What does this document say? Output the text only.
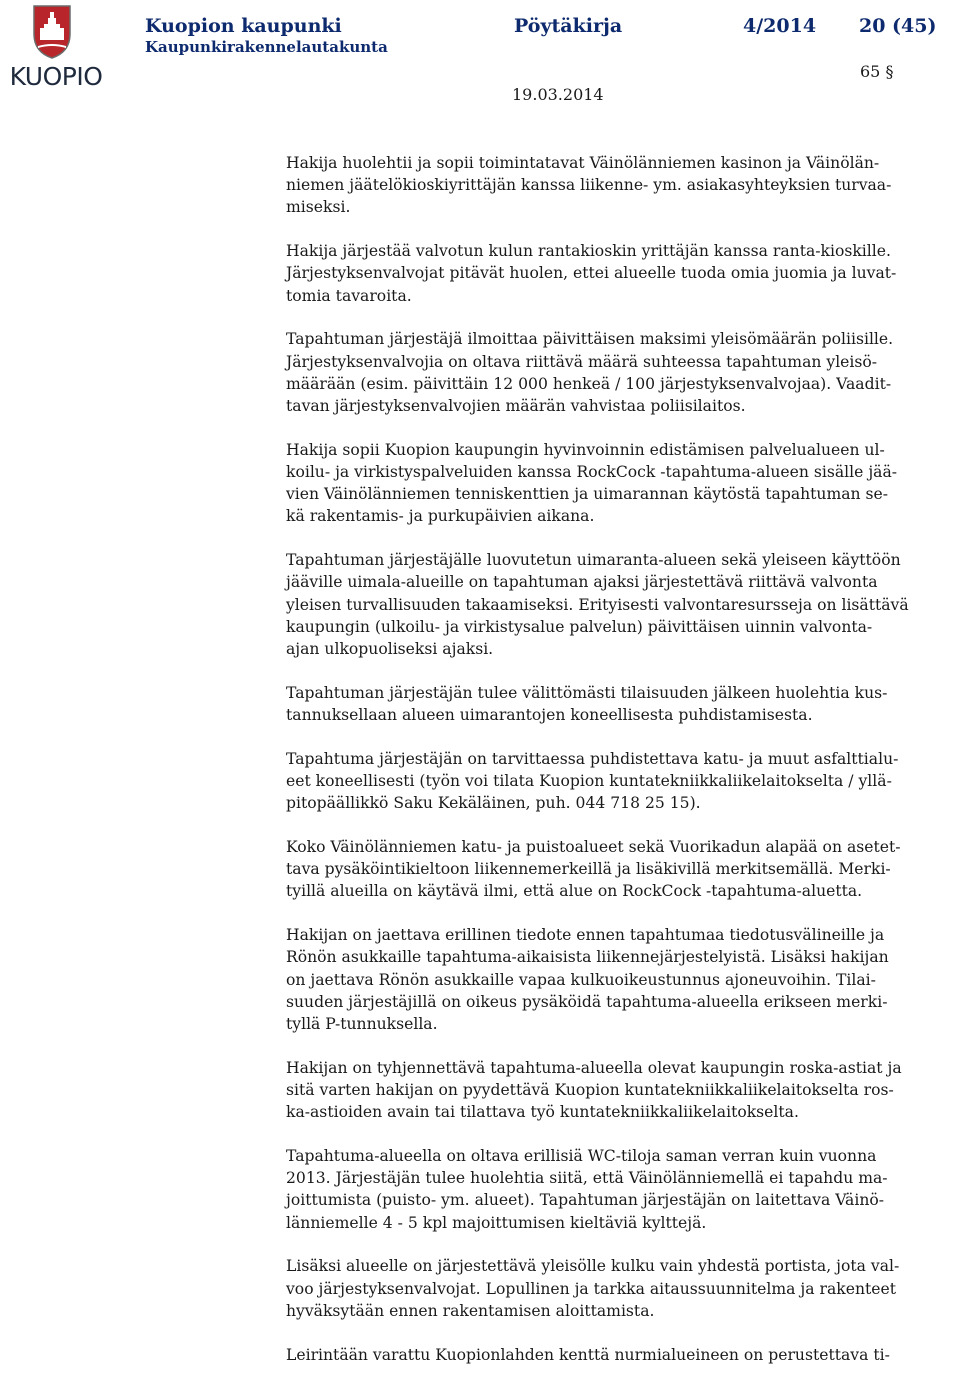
KUOPIO
Kuopion kaupunki
Kaupunkirakennelautakunta
Pöytäkirja	4/2014 20 (45)
65 §
19.03.2014

Hakija huolehtii ja sopii toimintatavat Väinölänniemen kasinon ja Väinölän-
niemen jäätelökioskiyrittäjän kanssa liikenne- ym. asiakasyhteyksien turvaa-
miseksi.

Hakija järjestää valvotun kulun rantakioskin yrittäjän kanssa ranta-kioskille.
Järjestyksenvalvojat pitävät huolen, ettei alueelle tuoda omia juomia ja luvat-
tomia tavaroita.

Tapahtuman järjestäjä ilmoittaa päivittäisen maksimi yleisömäärän poliisille.
Järjestyksenvalvojia on oltava riittävä määrä suhteessa tapahtuman yleisö-
määrään (esim. päivittäin 12 000 henkeä / 100 järjestyksenvalvojaa). Vaadit-
tavan järjestyksenvalvojien määrän vahvistaa poliisilaitos.

Hakija sopii Kuopion kaupungin hyvinvoinnin edistämisen palvelualueen ul-
koilu- ja virkistyspalveluiden kanssa RockCock -tapahtuma-alueen sisälle jää-
vien Väinölänniemen tenniskenttien ja uimarannan käytöstä tapahtuman se-
kä rakentamis- ja purkupäivien aikana.

Tapahtuman järjestäjälle luovutetun uimaranta-alueen sekä yleiseen käyttöön
jääville uimala-alueille on tapahtuman ajaksi järjestettävä riittävä valvonta
yleisen turvallisuuden takaamiseksi. Erityisesti valvontaresursseja on lisättävä
kaupungin (ulkoilu- ja virkistysalue palvelun) päivittäisen uinnin valvonta-
ajan ulkopuoliseksi ajaksi.

Tapahtuman järjestäjän tulee välittömästi tilaisuuden jälkeen huolehtia kus-
tannuksellaan alueen uimarantojen koneellisesta puhdistamisesta.

Tapahtuma järjestäjän on tarvittaessa puhdistettava katu- ja muut asfalttialu-
eet koneellisesti (työn voi tilata Kuopion kuntatekniikkaliikelaitokselta / yllä-
pitopäällikkö Saku Kekäläinen, puh. 044 718 25 15).

Koko Väinölänniemen katu- ja puistoalueet sekä Vuorikadun alapää on asetet-
tava pysäköintikieltoon liikennemerkeillä ja lisäkivillä merkitsemällä. Merki-
tyillä alueilla on käytävä ilmi, että alue on RockCock -tapahtuma-aluetta.

Hakijan on jaettava erillinen tiedote ennen tapahtumaa tiedotusvälineille ja
Rönön asukkaille tapahtuma-aikaisista liikennejärjestelyistä. Lisäksi hakijan
on jaettava Rönön asukkaille vapaa kulkuoikeustunnus ajoneuvoihin. Tilai-
suuden järjestäjillä on oikeus pysäköidä tapahtuma-alueella erikseen merki-
tyllä P-tunnuksella.

Hakijan on tyhjennettävä tapahtuma-alueella olevat kaupungin roska-astiat ja
sitä varten hakijan on pyydettävä Kuopion kuntatekniikkaliikelaitokselta ros-
ka-astioiden avain tai tilattava työ kuntatekniikkaliikelaitokselta.

Tapahtuma-alueella on oltava erillisiä WC-tiloja saman verran kuin vuonna
2013. Järjestäjän tulee huolehtia siitä, että Väinölänniemellä ei tapahdu ma-
joittumista (puisto- ym. alueet). Tapahtuman järjestäjän on laitettava Väinö-
länniemelle 4 - 5 kpl majoittumisen kieltäviä kylttejä.

Lisäksi alueelle on järjestettävä yleisölle kulku vain yhdestä portista, jota val-
voo järjestyksenvalvojat. Lopullinen ja tarkka aitaussuunnitelma ja rakenteet
hyväksytään ennen rakentamisen aloittamista.

Leirintään varattu Kuopionlahden kenttä nurmialueineen on perustettava ti-
